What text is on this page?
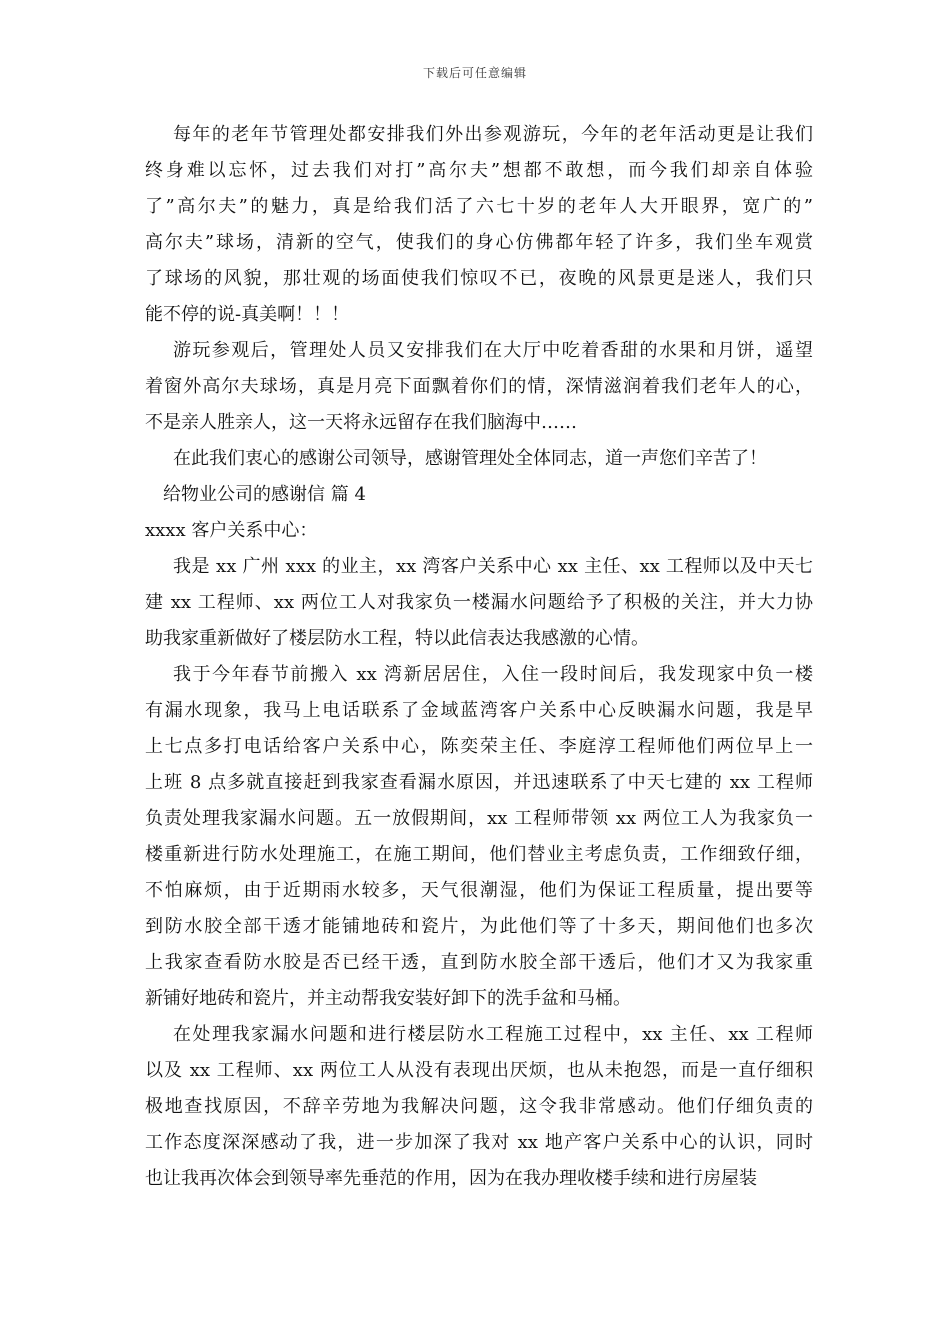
下载后可任意编辑
每年的老年节管理处都安排我们外出参观游玩，今年的老年活动更是让我们
终身难以忘怀，过去我们对打”高尔夫”想都不敢想，而今我们却亲自体验
了”高尔夫”的魅力，真是给我们活了六七十岁的老年人大开眼界，宽广的”
高尔夫”球场，清新的空气，使我们的身心仿佛都年轻了许多，我们坐车观赏
了球场的风貌，那壮观的场面使我们惊叹不已，夜晚的风景更是迷人，我们只
能不停的说-真美啊！！！
游玩参观后，管理处人员又安排我们在大厅中吃着香甜的水果和月饼，遥望
着窗外高尔夫球场，真是月亮下面飘着你们的情，深情滋润着我们老年人的心，
不是亲人胜亲人，这一天将永远留存在我们脑海中……
在此我们衷心的感谢公司领导，感谢管理处全体同志，道一声您们辛苦了！
给物业公司的感谢信 篇 4
xxxx 客户关系中心：
我是 xx 广州 xxx 的业主，xx 湾客户关系中心 xx 主任、xx 工程师以及中天七
建 xx 工程师、xx 两位工人对我家负一楼漏水问题给予了积极的关注，并大力协
助我家重新做好了楼层防水工程，特以此信表达我感激的心情。
我于今年春节前搬入 xx 湾新居居住，入住一段时间后，我发现家中负一楼
有漏水现象，我马上电话联系了金域蓝湾客户关系中心反映漏水问题，我是早
上七点多打电话给客户关系中心，陈奕荣主任、李庭淳工程师他们两位早上一
上班 8 点多就直接赶到我家查看漏水原因，并迅速联系了中天七建的 xx 工程师
负责处理我家漏水问题。五一放假期间，xx 工程师带领 xx 两位工人为我家负一
楼重新进行防水处理施工，在施工期间，他们替业主考虑负责，工作细致仔细，
不怕麻烦，由于近期雨水较多，天气很潮湿，他们为保证工程质量，提出要等
到防水胶全部干透才能铺地砖和瓷片，为此他们等了十多天，期间他们也多次
上我家查看防水胶是否已经干透，直到防水胶全部干透后，他们才又为我家重
新铺好地砖和瓷片，并主动帮我安装好卸下的洗手盆和马桶。
在处理我家漏水问题和进行楼层防水工程施工过程中，xx 主任、xx 工程师
以及 xx 工程师、xx 两位工人从没有表现出厌烦，也从未抱怨，而是一直仔细积
极地查找原因，不辞辛劳地为我解决问题，这令我非常感动。他们仔细负责的
工作态度深深感动了我，进一步加深了我对 xx 地产客户关系中心的认识，同时
也让我再次体会到领导率先垂范的作用，因为在我办理收楼手续和进行房屋装
